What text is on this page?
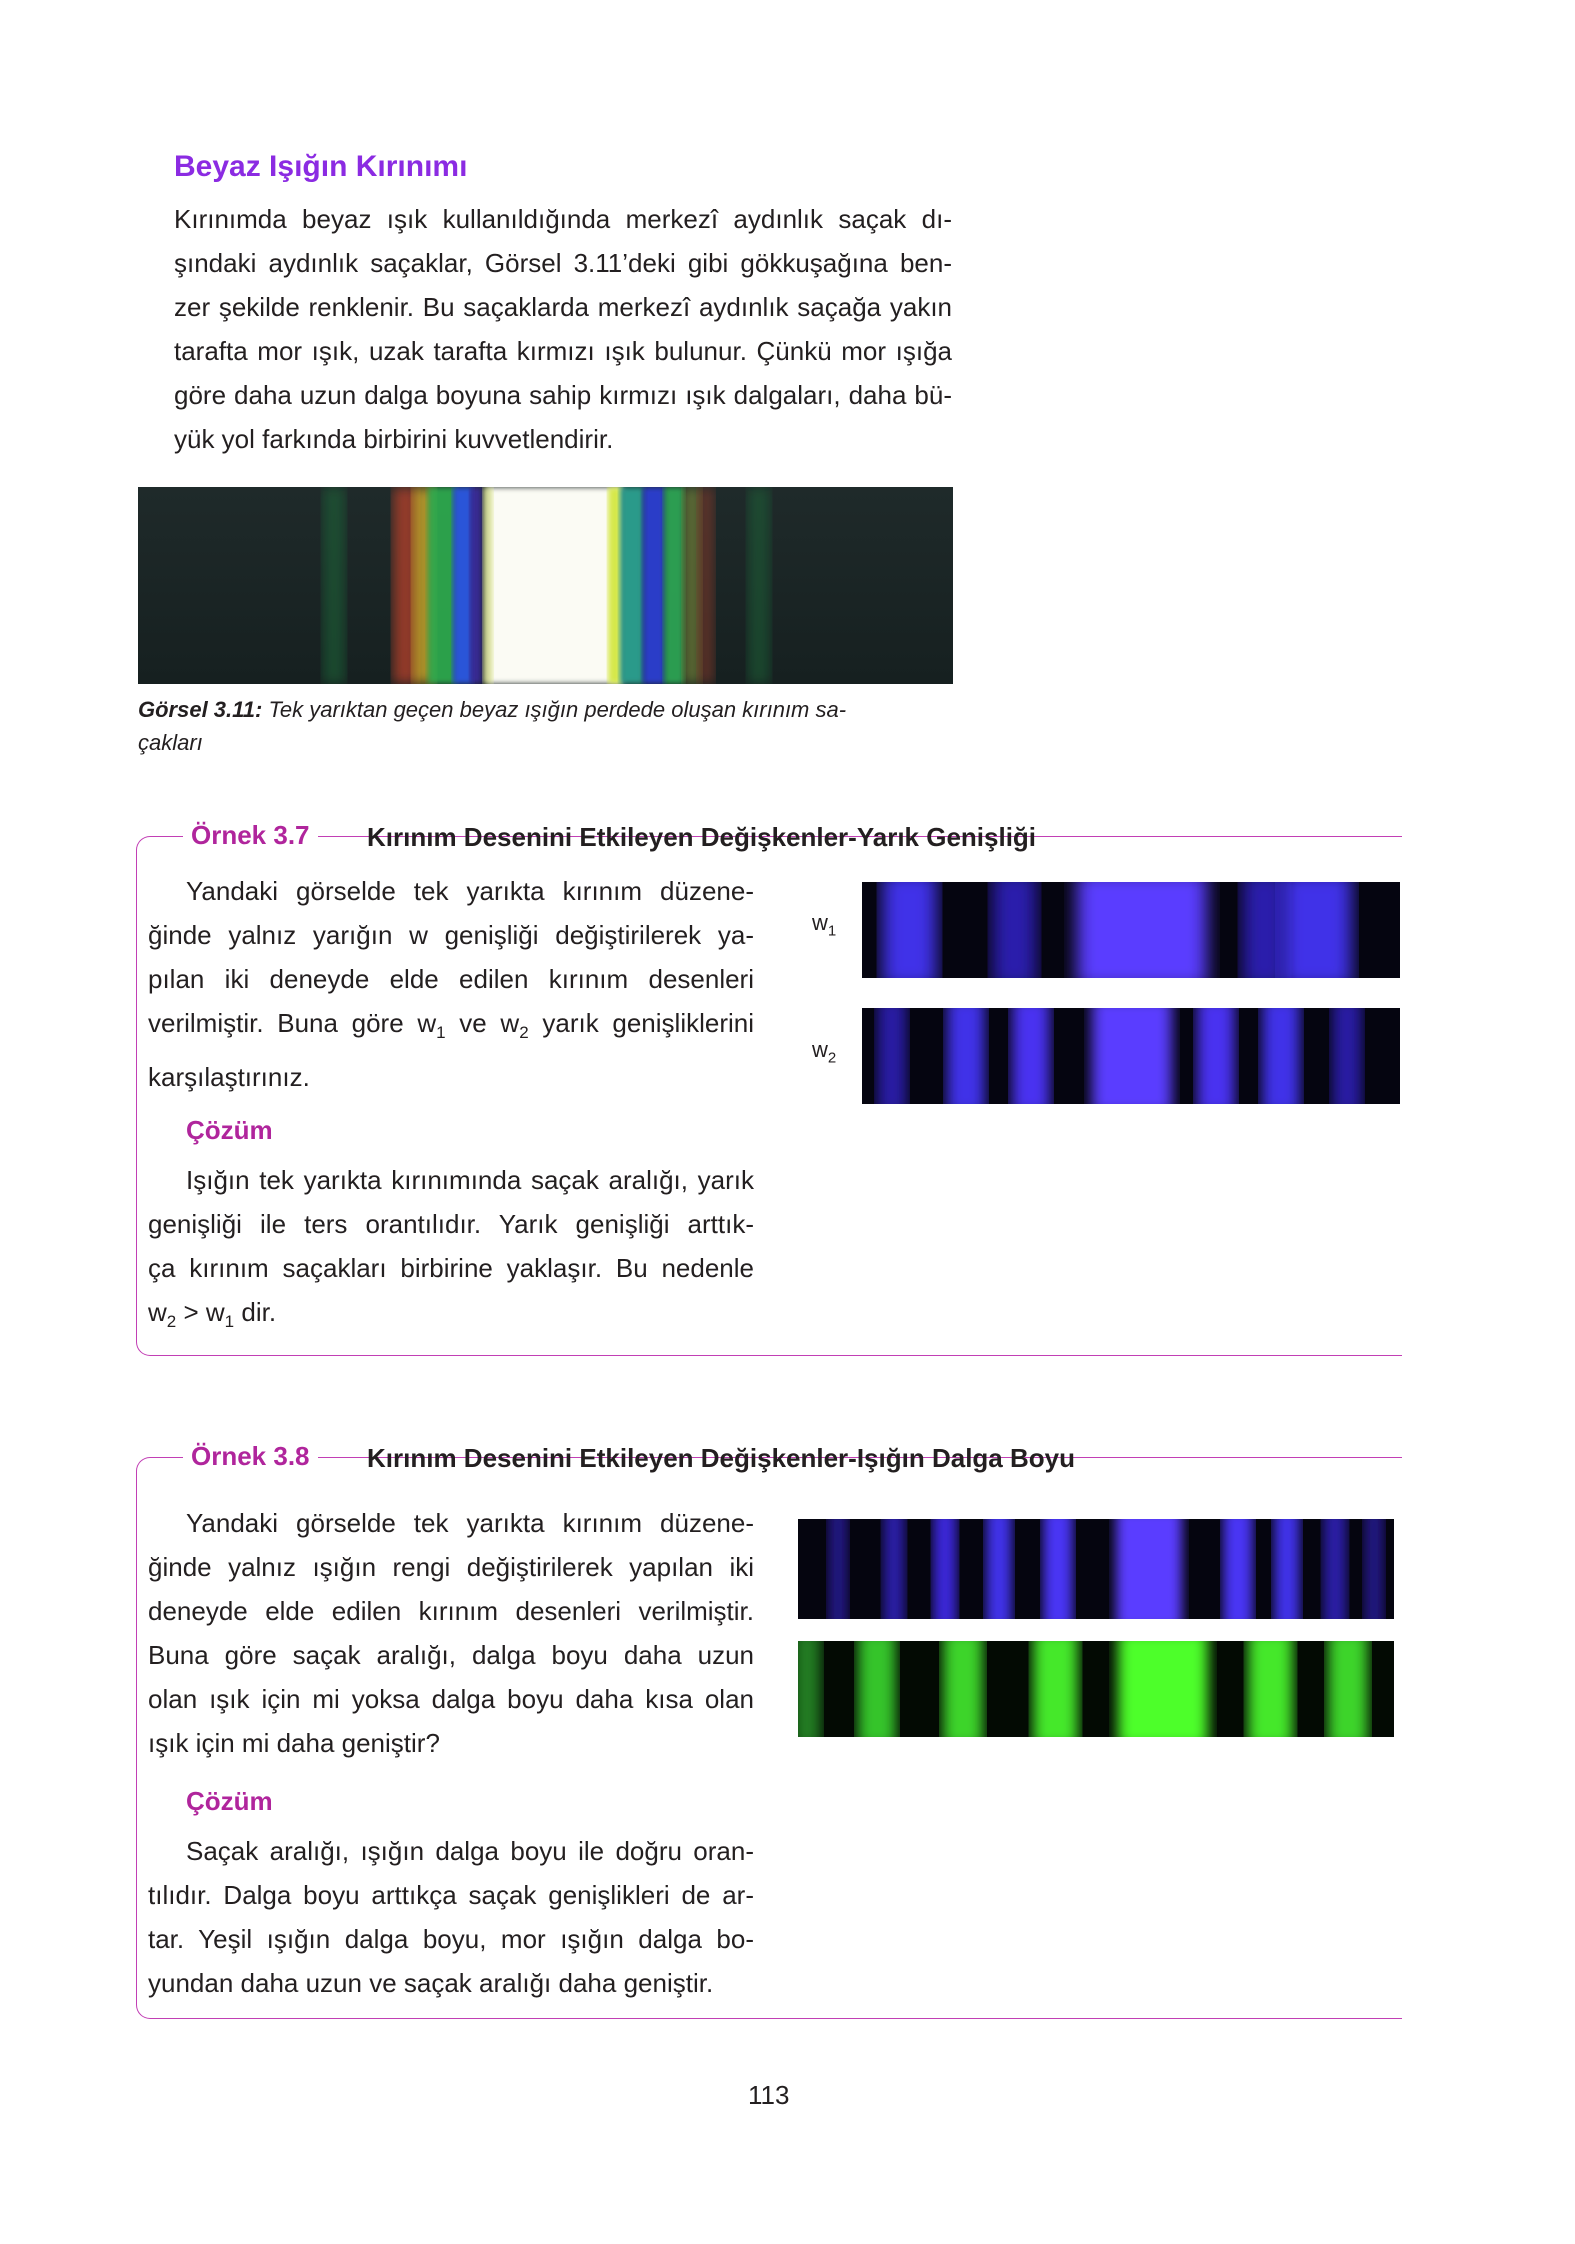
Beyaz Işığın Kırınımı
Kırınımda beyaz ışık kullanıldığında merkezî aydınlık saçak dı-
şındaki aydınlık saçaklar, Görsel 3.11’deki gibi gökkuşağına ben-
zer şekilde renklenir. Bu saçaklarda merkezî aydınlık saçağa yakın
tarafta mor ışık, uzak tarafta kırmızı ışık bulunur. Çünkü mor ışığa
göre daha uzun dalga boyuna sahip kırmızı ışık dalgaları, daha bü-
yük yol farkında birbirini kuvvetlendirir.
Görsel 3.11: Tek yarıktan geçen beyaz ışığın perdede oluşan kırınım sa-
çakları
Örnek 3.7	Kırınım Desenini Etkileyen Değişkenler-Yarık Genişliği
Yandaki görselde tek yarıkta kırınım düzene-
ğinde yalnız yarığın w genişliği değiştirilerek ya-
pılan iki deneyde elde edilen kırınım desenleri
verilmiştir. Buna göre $w_1$ ve $w_2$ yarık genişliklerini
karşılaştırınız.
$w_1$
$w_2$
Çözüm
Işığın tek yarıkta kırınımında saçak aralığı, yarık
genişliği ile ters orantılıdır. Yarık genişliği arttık-
ça kırınım saçakları birbirine yaklaşır. Bu nedenle
$w_2 > w_1$ dir.
Örnek 3.8	Kırınım Desenini Etkileyen Değişkenler-Işığın Dalga Boyu
Yandaki görselde tek yarıkta kırınım düzene-
ğinde yalnız ışığın rengi değiştirilerek yapılan iki
deneyde elde edilen kırınım desenleri verilmiştir.
Buna göre saçak aralığı, dalga boyu daha uzun
olan ışık için mi yoksa dalga boyu daha kısa olan
ışık için mi daha geniştir?
Çözüm
Saçak aralığı, ışığın dalga boyu ile doğru oran-
tılıdır. Dalga boyu arttıkça saçak genişlikleri de ar-
tar. Yeşil ışığın dalga boyu, mor ışığın dalga bo-
yundan daha uzun ve saçak aralığı daha geniştir.
113
